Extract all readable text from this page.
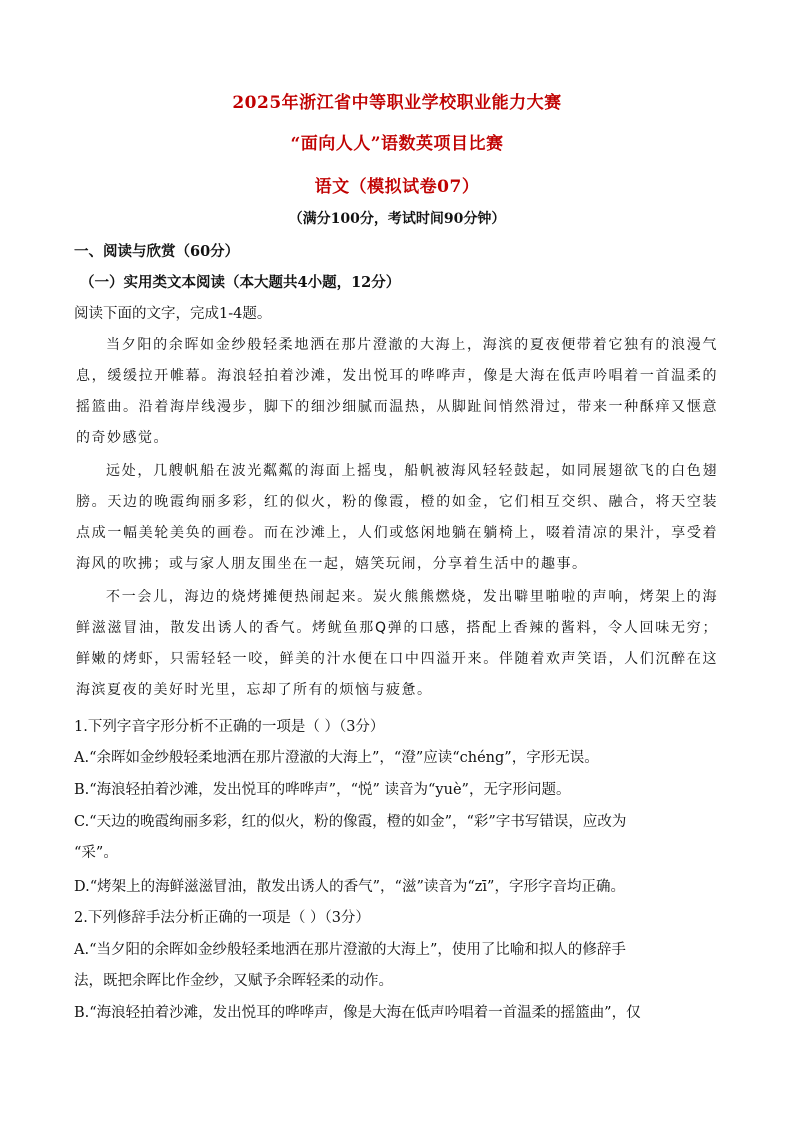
2025年浙江省中等职业学校职业能力大赛
“面向人人”语数英项目比赛
语文（模拟试卷07）
（满分100分，考试时间90分钟）
一、阅读与欣赏（60分）
（一）实用类文本阅读（本大题共4小题，12分）
阅读下面的文字，完成1-4题。

当夕阳的余晖如金纱般轻柔地洒在那片澄澈的大海上，海滨的夏夜便带着它独有的浪漫气息，缓缓拉开帷幕。海浪轻拍着沙滩，发出悦耳的哗哗声，像是大海在低声吟唱着一首温柔的摇篮曲。沿着海岸线漫步，脚下的细沙细腻而温热，从脚趾间悄然滑过，带来一种酥痒又惬意的奇妙感觉。

远处，几艘帆船在波光粼粼的海面上摇曳，船帆被海风轻轻鼓起，如同展翅欲飞的白色翅膀。天边的晚霞绚丽多彩，红的似火，粉的像霞，橙的如金，它们相互交织、融合，将天空装点成一幅美轮美奂的画卷。而在沙滩上，人们或悠闲地躺在躺椅上，啜着清凉的果汁，享受着海风的吹拂；或与家人朋友围坐在一起，嬉笑玩闹，分享着生活中的趣事。

不一会儿，海边的烧烤摊便热闹起来。炭火熊熊燃烧，发出噼里啪啦的声响，烤架上的海鲜滋滋冒油，散发出诱人的香气。烤鱿鱼那Q弹的口感，搭配上香辣的酱料，令人回味无穷；鲜嫩的烤虾，只需轻轻一咬，鲜美的汁水便在口中四溢开来。伴随着欢声笑语，人们沉醉在这海滨夏夜的美好时光里，忘却了所有的烦恼与疲惫。

1.下列字音字形分析不正确的一项是（ ）（3分）
A.“余晖如金纱般轻柔地洒在那片澄澈的大海上”，“澄”应读“chéng”，字形无误。
B.“海浪轻拍着沙滩，发出悦耳的哗哗声”，“悦” 读音为“yuè”，无字形问题。
C.“天边的晚霞绚丽多彩，红的似火，粉的像霞，橙的如金”，“彩”字书写错误，应改为
“采”。
D.“烤架上的海鲜滋滋冒油，散发出诱人的香气”，“滋”读音为“zī”，字形字音均正确。
2.下列修辞手法分析正确的一项是（ ）（3分）
A.“当夕阳的余晖如金纱般轻柔地洒在那片澄澈的大海上”，使用了比喻和拟人的修辞手
法，既把余晖比作金纱，又赋予余晖轻柔的动作。
B.“海浪轻拍着沙滩，发出悦耳的哗哗声，像是大海在低声吟唱着一首温柔的摇篮曲”，仅
